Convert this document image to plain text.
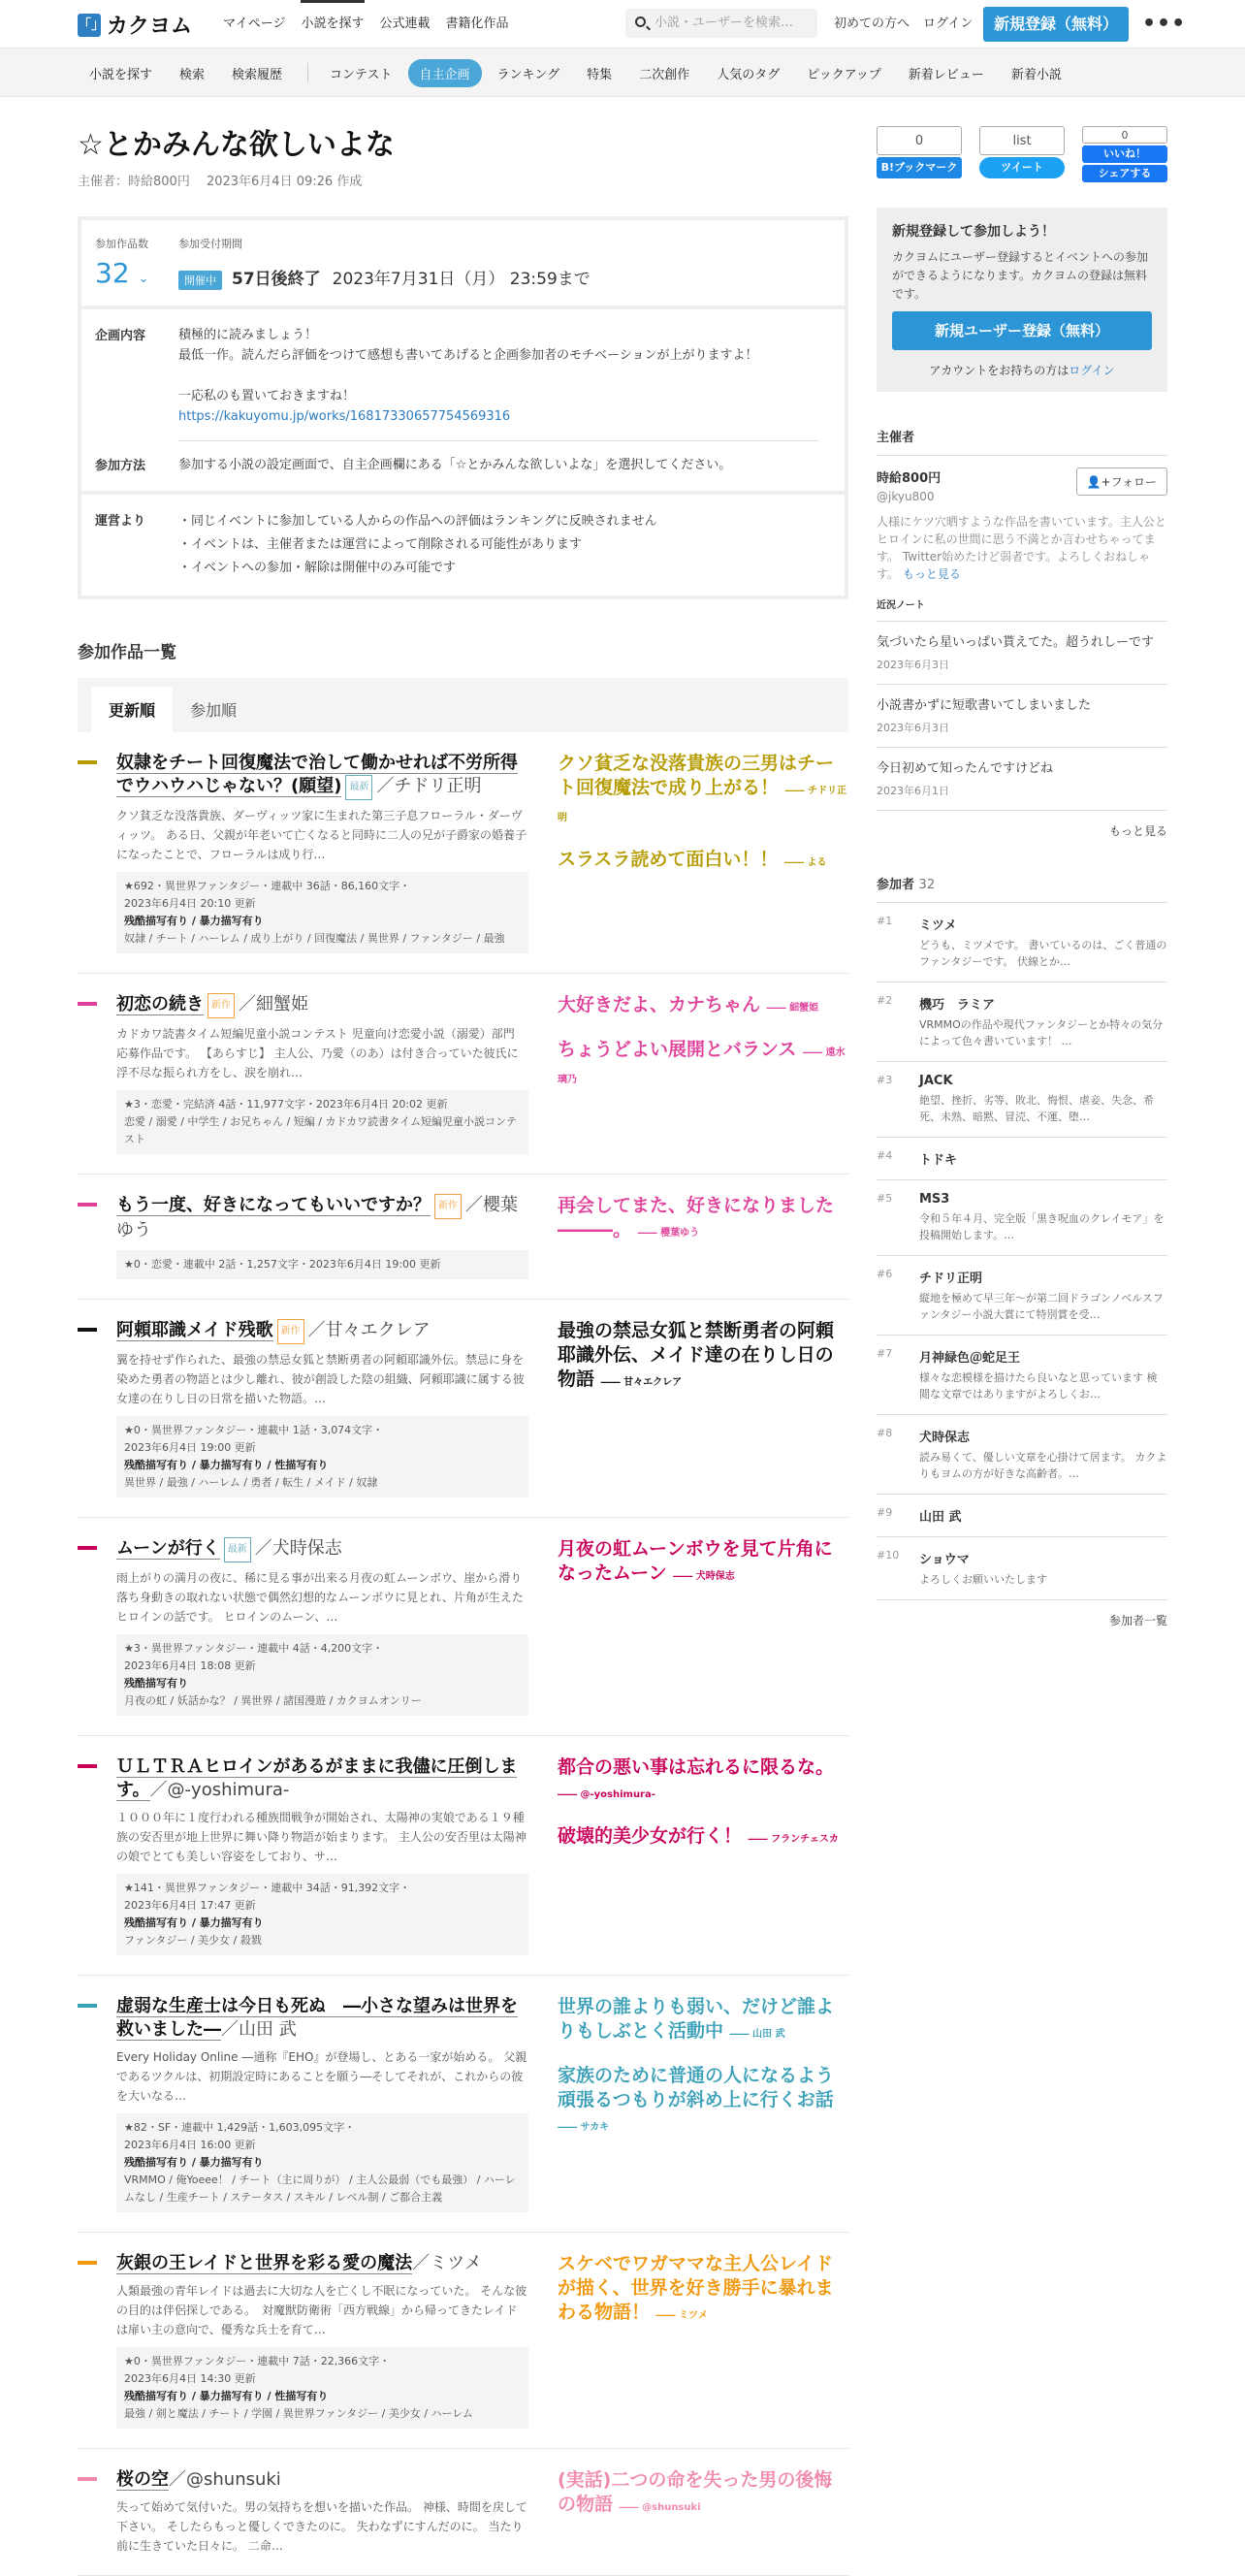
「」 カクヨム マイページ 小説を探す 公式連載 書籍化作品	小説・ユーザーを検索…	初めての方へ ログイン	新規登録（無料）	•••
小説を探す	検索	検索履歴	コンテスト	自主企画	ランキング	特集	二次創作	人気のタグ	ピックアップ	新着レビュー	新着小説
☆とかみんな欲しいよな
主催者：時給800円　 2023年6月4日 09:26 作成
参加作品数
32 ⌄
参加受付期間
開催中 57日後終了 2023年7月31日（月） 23:59まで
企画内容	積極的に読みましょう！
最低一作。読んだら評価をつけて感想も書いてあげると企画参加者のモチベーションが上がりますよ！
一応私のも置いておきますね！
https://kakuyomu.jp/works/16817330657754569316
参加方法	参加する小説の設定画面で、自主企画欄にある「☆とかみんな欲しいよな」を選択してください。
運営より	・同じイベントに参加している人からの作品への評価はランキングに反映されません
・イベントは、主催者または運営によって削除される可能性があります
・イベントへの参加・解除は開催中のみ可能です
参加作品一覧
更新順	参加順
奴隷をチート回復魔法で治して働かせれば不労所得でウハウハじゃない？(願望) 最新 ／チドリ正明
クソ貧乏な没落貴族、ダーヴィッツ家に生まれた第三子息フローラル・ダーヴィッツ。 ある日、父親が年老いて亡くなると同時に二人の兄が子爵家の婚養子になったことで、フローラルは成り行…
★692・異世界ファンタジー・連載中 36話・86,160文字・
2023年6月4日 20:10 更新
残酷描写有り / 暴力描写有り
奴隷 / チート / ハーレム / 成り上がり / 回復魔法 / 異世界 / ファンタジー / 最強
クソ貧乏な没落貴族の三男はチート回復魔法で成り上がる！ ―― チドリ正明
スラスラ読めて面白い！！ ―― よる
初恋の続き 新作 ／細蟹姫
カドカワ読書タイム短編児童小説コンテスト 児童向け恋愛小説（溺愛）部門　応募作品です。 【あらすじ】 主人公、乃愛（のあ）は付き合っていた彼氏に浮不尽な振られ方をし、涙を崩れ…
★3・恋愛・完結済 4話・11,977文字・2023年6月4日 20:02 更新
恋愛 / 溺愛 / 中学生 / お兄ちゃん / 短編 / カドカワ読書タイム短編児童小説コンテスト
大好きだよ、カナちゃん ―― 細蟹姫
ちょうどよい展開とバランス ―― 遠水璃乃
もう一度、好きになってもいいですか？ 新作 ／櫻葉ゆう
★0・恋愛・連載中 2話・1,257文字・2023年6月4日 19:00 更新
再会してまた、好きになりました―――。 ―― 櫻葉ゆう
阿頼耶識メイド残歌 新作 ／甘々エクレア
翼を持せず作られた、最強の禁忌女狐と禁断勇者の阿頼耶識外伝。禁忌に身を染めた勇者の物語とは少し離れ、彼が創設した陰の組織、阿頼耶識に属する彼女達の在りし日の日常を描いた物語。…
★0・異世界ファンタジー・連載中 1話・3,074文字・
2023年6月4日 19:00 更新
残酷描写有り / 暴力描写有り / 性描写有り
異世界 / 最強 / ハーレム / 勇者 / 転生 / メイド / 奴隷
最強の禁忌女狐と禁断勇者の阿頼耶識外伝、メイド達の在りし日の物語 ―― 甘々エクレア
ムーンが行く 最新 ／犬時保志
雨上がりの満月の夜に、稀に見る事が出来る月夜の虹ムーンボウ、崖から滑り落ち身動きの取れない状態で偶然幻想的なムーンボウに見とれ、片角が生えたヒロインの話です。 ヒロインのムーン、…
★3・異世界ファンタジー・連載中 4話・4,200文字・
2023年6月4日 18:08 更新
残酷描写有り
月夜の虹 / 妖話かな？ / 異世界 / 諸国漫遊 / カクヨムオンリー
月夜の虹ムーンボウを見て片角になったムーン ―― 犬時保志
ＵＬＴＲＡヒロインがあるがままに我儘に圧倒します。／@-yoshimura-
１０００年に１度行われる種族間戦争が開始され、太陽神の実娘である１９種族の安否里が地上世界に舞い降り物語が始まります。 主人公の安否里は太陽神の娘でとても美しい容姿をしており、サ…
★141・異世界ファンタジー・連載中 34話・91,392文字・
2023年6月4日 17:47 更新
残酷描写有り / 暴力描写有り
ファンタジー / 美少女 / 殺戮
都合の悪い事は忘れるに限るな。 ―― @-yoshimura-
破壊的美少女が行く！ ―― フランチェスカ
虚弱な生産士は今日も死ぬ　―小さな望みは世界を救いました―／山田 武
Every Holiday Online ―通称『EHO』が登場し、とある一家が始める。 父親であるツクルは、初期設定時にあることを願う―そしてそれが、これからの彼を大いなる…
★82・SF・連載中 1,429話・1,603,095文字・
2023年6月4日 16:00 更新
残酷描写有り / 暴力描写有り
VRMMO / 俺Yoeee！ / チート（主に周りが） / 主人公最弱（でも最強） / ハーレムなし / 生産チート / ステータス / スキル / レベル制 / ご都合主義
世界の誰よりも弱い、だけど誰よりもしぶとく活動中 ―― 山田 武
家族のために普通の人になるよう頑張るつもりが斜め上に行くお話 ―― サカキ
灰銀の王レイドと世界を彩る愛の魔法／ミツメ
人類最強の青年レイドは過去に大切な人を亡くし不眠になっていた。 そんな彼の目的は伴侶探しである。　対魔獣防衛術「西方戦線」から帰ってきたレイドは扉い主の意向で、優秀な兵士を育て…
★0・異世界ファンタジー・連載中 7話・22,366文字・
2023年6月4日 14:30 更新
残酷描写有り / 暴力描写有り / 性描写有り
最強 / 剣と魔法 / チート / 学園 / 異世界ファンタジー / 美少女 / ハーレム
スケベでワガママな主人公レイドが描く、世界を好き勝手に暴れまわる物語！ ―― ミツメ
桜の空／@shunsuki
失って始めて気付いた。男の気持ちを想いを描いた作品。 神様、時間を戻して下さい。 そしたらもっと優しくできたのに。 失わなずにすんだのに。 当たり前に生きていた日々に。 二命…
(実話)二つの命を失った男の後悔の物語 ―― @shunsuki
0
B!ブックマーク
list
ツイート
0
いいね！
シェアする
新規登録して参加しよう！

カクヨムにユーザー登録するとイベントへの参加ができるようになります。カクヨムの登録は無料です。

新規ユーザー登録（無料）
アカウントをお持ちの方はログイン
主催者
時給800円
@jkyu800
👤+フォロー
人様にケツ穴晒すような作品を書いています。主人公とヒロインに私の世間に思う不満とか言わせちゃってます。 Twitter始めたけど弱者です。よろしくおねしゃす。 もっと見る
近況ノート
気づいたら星いっぱい貰えてた。超うれしーです
2023年6月3日
小説書かずに短歌書いてしまいました
2023年6月3日
今日初めて知ったんですけどね
2023年6月1日
もっと見る
参加者 32
#1	ミツメ
どうも、ミツメです。 書いているのは、ごく普通のファンタジーです。 伏線とか…
#2	機巧　ラミア
VRMMOの作品や現代ファンタジーとか特々の気分によって色々書いています！ …
#3	JACK
絶望、挫折、劣等、敗北、悔恨、虐妾、失念、希死、未熟、暗黙、冒涜、不運、堕…
#4	トドキ
#5	MS3
令和５年４月、完全版「黒き呪血のクレイモア」を投稿開始します。…
#6	チドリ正明
縦地を極めて早三年〜が第二回ドラゴンノベルスファンタジー小説大賞にて特別賞を受…
#7	月神緑色＠蛇足王
様々な恋模様を描けたら良いなと思っています 検閲な文章ではありますがよろしくお…
#8	犬時保志
読み易くて、優しい文章を心掛けて居ます。 カクよりもヨムの方が好きな高齢者。…
#9	山田 武
#10	ショウマ
よろしくお願いいたします
参加者一覧
